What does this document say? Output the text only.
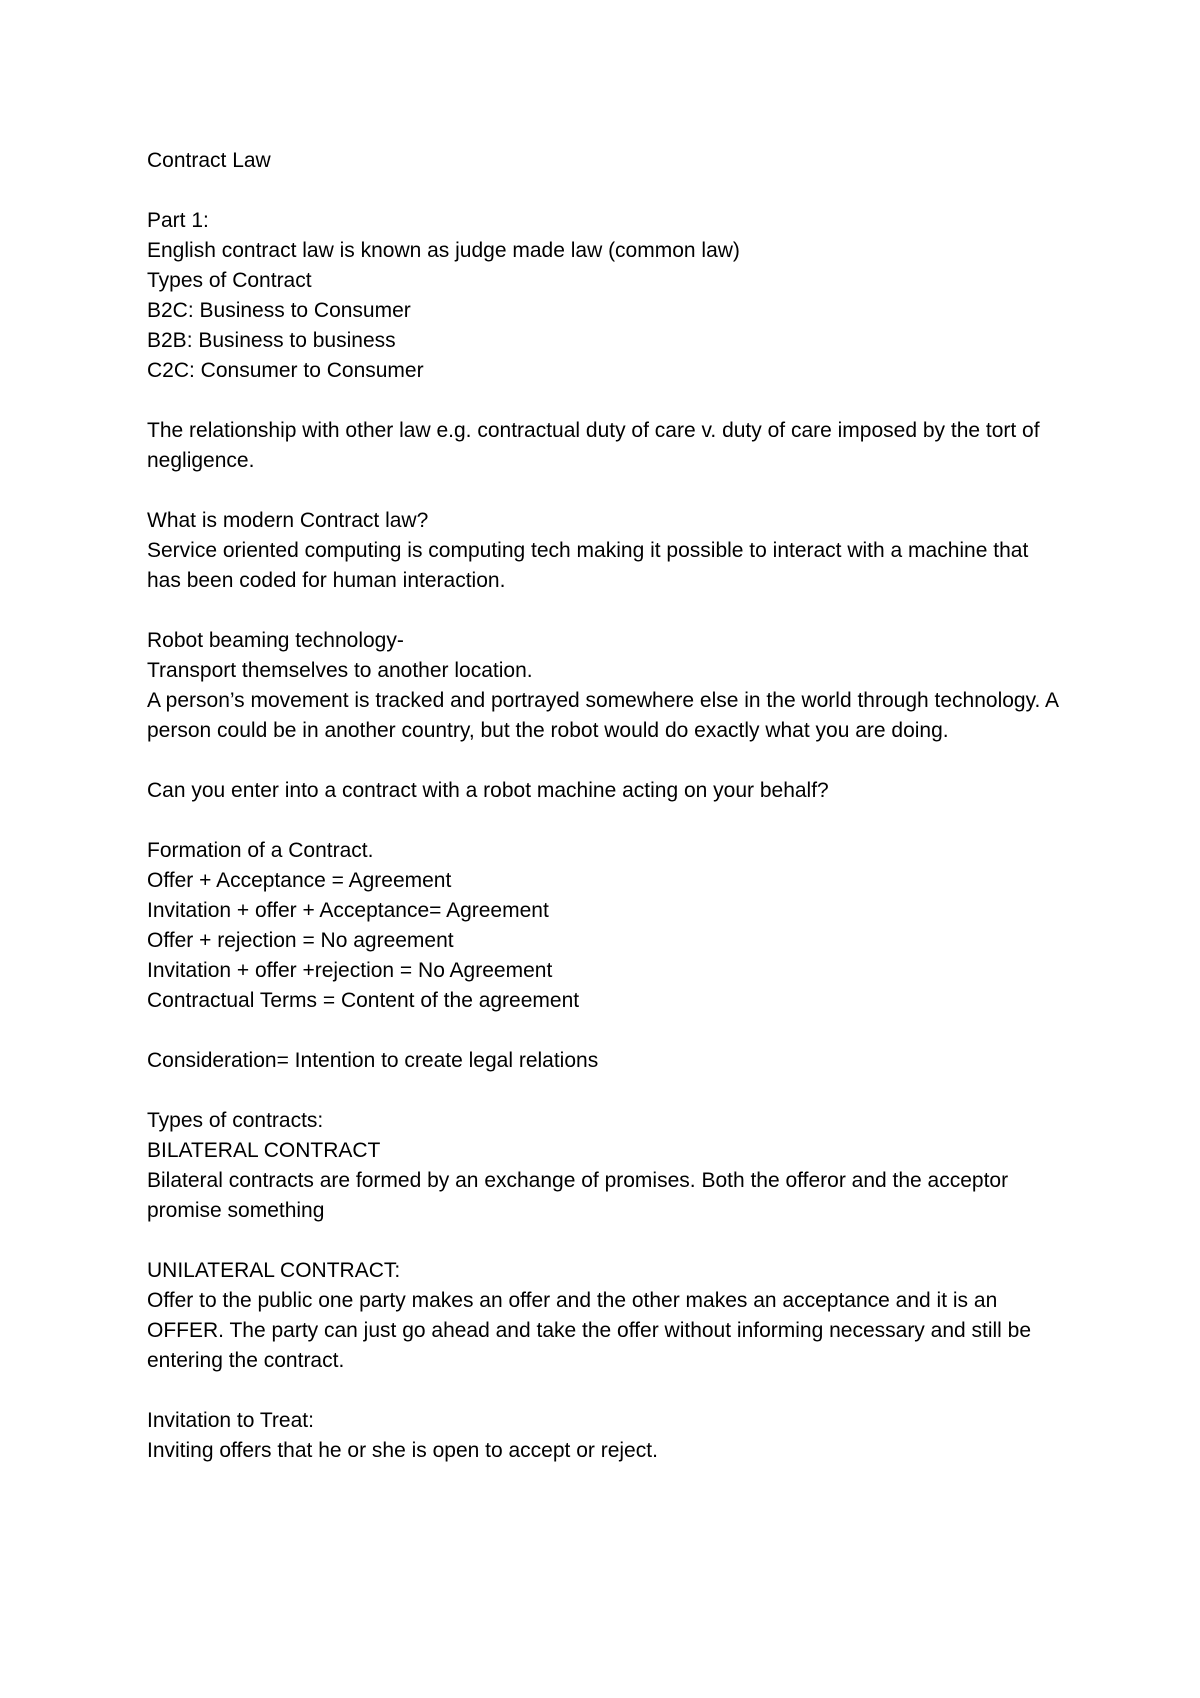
Contract Law
Part 1:
English contract law is known as judge made law (common law)
Types of Contract
B2C: Business to Consumer
B2B: Business to business
C2C: Consumer to Consumer
The relationship with other law e.g. contractual duty of care v. duty of care imposed by the tort of negligence.
What is modern Contract law?
Service oriented computing is computing tech making it possible to interact with a machine that has been coded for human interaction.
Robot beaming technology-
Transport themselves to another location.
A person’s movement is tracked and portrayed somewhere else in the world through technology. A person could be in another country, but the robot would do exactly what you are doing.
Can you enter into a contract with a robot machine acting on your behalf?
Formation of a Contract.
Offer + Acceptance = Agreement
Invitation + offer + Acceptance= Agreement
Offer + rejection = No agreement
Invitation + offer +rejection = No Agreement
Contractual Terms = Content of the agreement
Consideration= Intention to create legal relations
Types of contracts:
BILATERAL CONTRACT
Bilateral contracts are formed by an exchange of promises. Both the offeror and the acceptor promise something
UNILATERAL CONTRACT:
Offer to the public one party makes an offer and the other makes an acceptance and it is an OFFER. The party can just go ahead and take the offer without informing necessary and still be entering the contract.
Invitation to Treat:
Inviting offers that he or she is open to accept or reject.
